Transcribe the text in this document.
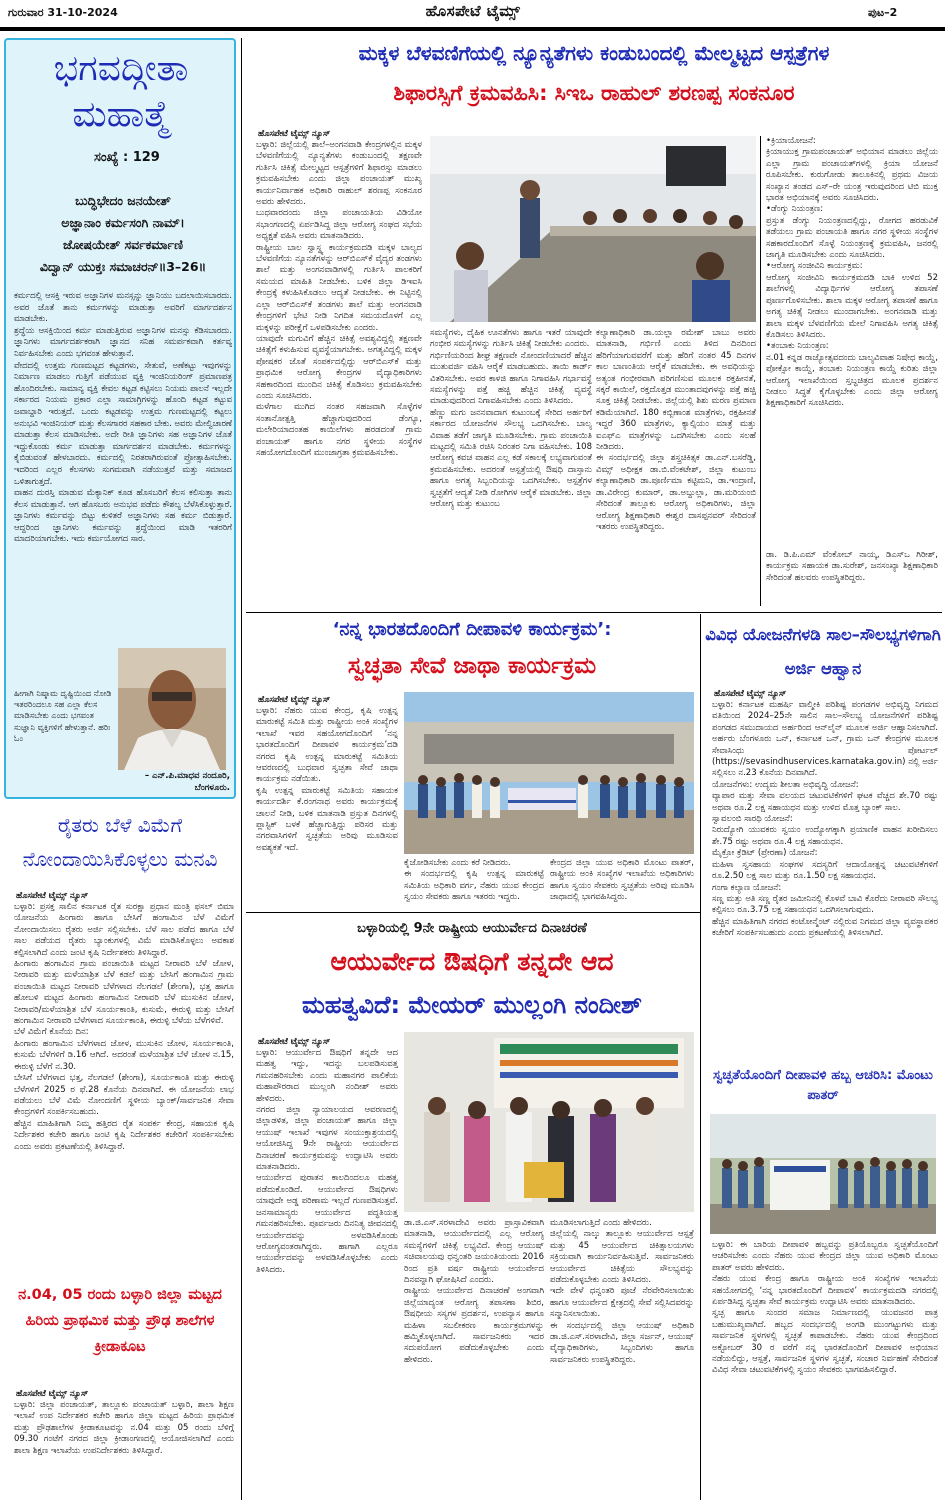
ಗುರುವಾರ 31-10-2024	ಹೊಸಪೇಟೆ ಟೈಮ್ಸ್	ಪುಟ–2
ಭಗವದ್ಗೀತಾ ಮಹಾತ್ಮೆ
ಸಂಖ್ಯೆ : 129
ಬುದ್ಧಿಭೇದಂ ಜನಯೇತ್
ಅಜ್ಞಾನಾಂ ಕರ್ಮಸಂಗಿ ನಾಮ್।
ಜೋಷಯೇತ್ ಸರ್ವಕರ್ಮಾಣಿ
ವಿದ್ವಾನ್ ಯುಕ್ತಃ ಸಮಾಚರನ್॥3–26॥
ಕರ್ಮದಲ್ಲಿ ಆಸಕ್ತಿ ಇರುವ ಅಜ್ಞಾನಿಗಳ ಮನಸ್ಸನ್ನು ಜ್ಞಾನಿಯು ಬದಲಾಯಿಸಬಾರದು. ಅವರ ಜೊತೆ ತಾನು ಕರ್ಮಗಳನ್ನು ಮಾಡುತ್ತಾ ಅವರಿಗೆ ಮಾರ್ಗದರ್ಶನ ಮಾಡಬೇಕು.
ಶ್ರದ್ಧೆಯ ಆಸಕ್ತಿಯಿಂದ ಕರ್ಮ ಮಾಡುತ್ತಿರುವ ಅಜ್ಞಾನಿಗಳ ಮನಸ್ಸು ಕೆಡಿಸಬಾರದು. ಜ್ಞಾನಿಗಳು ಮಾರ್ಗದರ್ಶಕರಾಗಿ ಜ್ಞಾನದ ಸನಿಹ ಸಮರ್ಪಕವಾಗಿ ಕರ್ತವ್ಯ ನಿರ್ವಹಿಸಬೇಕು ಎಂದು ಭಗವಂತ ಹೇಳುತ್ತಾನೆ.
ವೇದದಲ್ಲಿ ಉತ್ತಮ ಗುಣಮಟ್ಟದ ಕಟ್ಟಡಗಳು, ಸೇತುವೆ, ಅಣೆಕಟ್ಟು ಇವುಗಳನ್ನು ನಿರ್ಮಾಣ ಮಾಡಲು ಗುತ್ತಿಗೆ ಪಡೆಯುವ ವ್ಯಕ್ತಿ ಇಂಜಿನಿಯರಿಂಗ್ ಪ್ರಮಾಣಪತ್ರ ಹೊಂದಿರಬೇಕು. ಸಾಮಾನ್ಯ ವ್ಯಕ್ತಿ ಕೇವಲ ಕಟ್ಟಡ ಕಟ್ಟಿಸಲು ನಿಯಮ ಪಾಲನೆ ಇಲ್ಲದೇ ಸರ್ಕಾರದ ನಿಯಮ ಪ್ರಕಾರ ಎಲ್ಲಾ ಸಾಮಾಗ್ರಿಗಳನ್ನು ಹೊಂದಿ ಕಟ್ಟಡ ಕಟ್ಟುವ ಜವಾಬ್ದಾರಿ ಇರುತ್ತದೆ. ಒಂದು ಕಟ್ಟಡವನ್ನು ಉತ್ತಮ ಗುಣಮಟ್ಟದಲ್ಲಿ ಕಟ್ಟಲು ಅನುಭವಿ ಇಂಜಿನಿಯರ್ ಮತ್ತು ಕೆಲಸಗಾರರ ಸಹಕಾರ ಬೇಕು. ಅವರು ಮೇಲ್ವಿಚಾರಣೆ ಮಾಡುತ್ತಾ ಕೆಲಸ ಮಾಡಿಸಬೇಕು. ಅದೇ ರೀತಿ ಜ್ಞಾನಿಗಳು ಸಹ ಅಜ್ಞಾನಿಗಳ ಜೊತೆ ಇದ್ದುಕೊಂಡು ಕರ್ಮ ಮಾಡುತ್ತಾ ಮಾರ್ಗದರ್ಶನ ಮಾಡಬೇಕು. ಕರ್ಮಗಳನ್ನು ಕೈಬಿಡುವಂತೆ ಹೇಳಬಾರದು. ಕರ್ಮದಲ್ಲಿ ನಿರತರಾಗಿರುವಂತೆ ಪ್ರೋತ್ಸಾಹಿಸಬೇಕು. ಇದರಿಂದ ಎಲ್ಲರ ಕೆಲಸಗಳು ಸುಗಮವಾಗಿ ನಡೆಯುತ್ತವೆ ಮತ್ತು ಸಮಾಜದ ಒಳಿತಾಗುತ್ತದೆ.
ವಾಹನ ದುರಸ್ತಿ ಮಾಡುವ ಮೆಕ್ಯಾನಿಕ್ ಕೂಡ ಹೊಸಬರಿಗೆ ಕೆಲಸ ಕಲಿಸುತ್ತಾ ತಾನು ಕೆಲಸ ಮಾಡುತ್ತಾನೆ. ಆಗ ಹೊಸಬರು ಅನುಭವ ಪಡೆದು ಕೌಶಲ್ಯ ಬೆಳೆಸಿಕೊಳ್ಳುತ್ತಾರೆ. ಜ್ಞಾನಿಗಳು ಕರ್ಮವನ್ನು ಬಿಟ್ಟು ಕುಳಿತರೆ ಅಜ್ಞಾನಿಗಳು ಸಹ ಕರ್ಮ ಬಿಡುತ್ತಾರೆ. ಆದ್ದರಿಂದ ಜ್ಞಾನಿಗಳು ಕರ್ಮವನ್ನು ಶ್ರದ್ಧೆಯಿಂದ ಮಾಡಿ ಇತರರಿಗೆ ಮಾದರಿಯಾಗಬೇಕು. ಇದು ಕರ್ಮಯೋಗದ ಸಾರ.
ಹೀಗಾಗಿ ನಿಷ್ಕಾಮ ದೃಷ್ಟಿಯಿಂದ ನೋಡಿ ಇತರರಿಂದಲೂ ಸಹ ಎಲ್ಲಾ ಕೆಲಸ ಮಾಡಿಸಬೇಕು ಎಂದು ಭಗವಂತ ಸುಜ್ಞಾನಿ ವ್ಯಕ್ತಿಗಳಿಗೆ ಹೇಳುತ್ತಾನೆ. ಹರಿಃ ಓಂ
– ಎನ್.ಪಿ.ಮಾಧವ ನಂದೂರಿ,
ಬೆಂಗಳೂರು.
ರೈತರು ಬೆಳೆ ವಿಮೆಗೆ ನೋಂದಾಯಿಸಿಕೊಳ್ಳಲು ಮನವಿ
ಹೊಸಪೇಟೆ ಟೈಮ್ಸ್ ನ್ಯೂಸ್
ಬಳ್ಳಾರಿ: ಪ್ರಸಕ್ತ ಸಾಲಿನ ಕರ್ನಾಟಕ ರೈತ ಸುರಕ್ಷಾ ಪ್ರಧಾನ ಮಂತ್ರಿ ಫಸಲ್ ಬಿಮಾ ಯೋಜನೆಯ ಹಿಂಗಾರು ಹಾಗೂ ಬೇಸಿಗೆ ಹಂಗಾಮಿನ ಬೆಳೆ ವಿಮೆಗೆ ನೋಂದಾಯಿಸಲು ರೈತರು ಅರ್ಜಿ ಸಲ್ಲಿಸಬೇಕು. ಬೆಳೆ ಸಾಲ ಪಡೆದ ಹಾಗೂ ಬೆಳೆ ಸಾಲ ಪಡೆಯದ ರೈತರು ಬ್ಯಾಂಕುಗಳಲ್ಲಿ ವಿಮೆ ಮಾಡಿಸಿಕೊಳ್ಳಲು ಅವಕಾಶ ಕಲ್ಪಿಸಲಾಗಿದೆ ಎಂದು ಜಂಟಿ ಕೃಷಿ ನಿರ್ದೇಶಕರು ತಿಳಿಸಿದ್ದಾರೆ.
ಹಿಂಗಾರು ಹಂಗಾಮಿನ ಗ್ರಾಮ ಪಂಚಾಯಿತಿ ಮಟ್ಟದ ನೀರಾವರಿ ಬೆಳೆ ಜೋಳ, ನೀರಾವರಿ ಮತ್ತು ಮಳೆಯಾಶ್ರಿತ ಬೆಳೆ ಕಡಲೆ ಮತ್ತು ಬೇಸಿಗೆ ಹಂಗಾಮಿನ ಗ್ರಾಮ ಪಂಚಾಯಿತಿ ಮಟ್ಟದ ನೀರಾವರಿ ಬೆಳೆಗಳಾದ ನೆಲಗಡಲೆ (ಶೇಂಗಾ), ಭತ್ತ ಹಾಗೂ ಹೋಬಳಿ ಮಟ್ಟದ ಹಿಂಗಾರು ಹಂಗಾಮಿನ ನೀರಾವರಿ ಬೆಳೆ ಮುಸುಕಿನ ಜೋಳ, ನೀರಾವರಿ/ಮಳೆಯಾಶ್ರಿತ ಬೆಳೆ ಸೂರ್ಯಕಾಂತಿ, ಕುಸುಮೆ, ಈರುಳ್ಳಿ ಮತ್ತು ಬೇಸಿಗೆ ಹಂಗಾಮಿನ ನೀರಾವರಿ ಬೆಳೆಗಳಾದ ಸೂರ್ಯಕಾಂತಿ, ಈರುಳ್ಳಿ ಬೆಳೆಯ ಬೆಳೆಗಳಿವೆ.
ಬೆಳೆ ವಿಮೆಗೆ ಕೊನೆಯ ದಿನ:
ಹಿಂಗಾರು ಹಂಗಾಮಿನ ಬೆಳೆಗಳಾದ ಜೋಳ, ಮುಸುಕಿನ ಜೋಳ, ಸೂರ್ಯಕಾಂತಿ, ಕುಸುಮೆ ಬೆಳೆಗಳಿಗೆ ಡಿ.16 ಆಗಿದೆ. ಅದರಂತೆ ಮಳೆಯಾಶ್ರಿತ ಬೆಳೆ ಜೋಳ ನ.15, ಈರುಳ್ಳಿ ಬೆಳೆಗೆ ನ.30.
ಬೇಸಿಗೆ ಬೆಳೆಗಳಾದ ಭತ್ತ, ನೆಲಗಡಲೆ (ಶೇಂಗಾ), ಸೂರ್ಯಕಾಂತಿ ಮತ್ತು ಈರುಳ್ಳಿ ಬೆಳೆಗಳಿಗೆ 2025 ರ ಫೆ.28 ಕೊನೆಯ ದಿನವಾಗಿದೆ. ಈ ಯೋಜನೆಯ ಲಾಭ ಪಡೆಯಲು ಬೆಳೆ ವಿಮೆ ನೋಂದಣಿಗೆ ಸ್ಥಳೀಯ ಬ್ಯಾಂಕ್/ಸಾರ್ವಜನಿಕ ಸೇವಾ ಕೇಂದ್ರಗಳಿಗೆ ಸಂಪರ್ಕಿಸಬಹುದು.
ಹೆಚ್ಚಿನ ಮಾಹಿತಿಗಾಗಿ ನಿಮ್ಮ ಹತ್ತಿರದ ರೈತ ಸಂಪರ್ಕ ಕೇಂದ್ರ, ಸಹಾಯಕ ಕೃಷಿ ನಿರ್ದೇಶಕರ ಕಚೇರಿ ಹಾಗೂ ಜಂಟಿ ಕೃಷಿ ನಿರ್ದೇಶಕರ ಕಚೇರಿಗೆ ಸಂಪರ್ಕಿಸಬೇಕು ಎಂದು ಅವರು ಪ್ರಕಟಣೆಯಲ್ಲಿ ತಿಳಿಸಿದ್ದಾರೆ.
ನ.04, 05 ರಂದು ಬಳ್ಳಾರಿ ಜಿಲ್ಲಾ ಮಟ್ಟದ ಹಿರಿಯ ಪ್ರಾಥಮಿಕ ಮತ್ತು ಪ್ರೌಢ ಶಾಲೆಗಳ ಕ್ರೀಡಾಕೂಟ
ಹೊಸಪೇಟೆ ಟೈಮ್ಸ್ ನ್ಯೂಸ್
ಬಳ್ಳಾರಿ: ಜಿಲ್ಲಾ ಪಂಚಾಯತ್, ತಾಲ್ಲೂಕು ಪಂಚಾಯತ್ ಬಳ್ಳಾರಿ, ಶಾಲಾ ಶಿಕ್ಷಣ ಇಲಾಖೆ ಉಪ ನಿರ್ದೇಶಕರ ಕಚೇರಿ ಹಾಗೂ ಜಿಲ್ಲಾ ಮಟ್ಟದ ಹಿರಿಯ ಪ್ರಾಥಮಿಕ ಮತ್ತು ಪ್ರೌಢಶಾಲೆಗಳ ಕ್ರೀಡಾಕೂಟವನ್ನು ನ.04 ಮತ್ತು 05 ರಂದು ಬೆಳಿಗ್ಗೆ 09.30 ಗಂಟೆಗೆ ನಗರದ ಜಿಲ್ಲಾ ಕ್ರೀಡಾಂಗಣದಲ್ಲಿ ಆಯೋಜಿಸಲಾಗಿದೆ ಎಂದು ಶಾಲಾ ಶಿಕ್ಷಣ ಇಲಾಖೆಯ ಉಪನಿರ್ದೇಶಕರು ತಿಳಿಸಿದ್ದಾರೆ.
ಮಕ್ಕಳ ಬೆಳವಣಿಗೆಯಲ್ಲಿ ನ್ಯೂನ್ಯತೆಗಳು ಕಂಡುಬಂದಲ್ಲಿ ಮೇಲ್ಮಟ್ಟದ ಆಸ್ಪತ್ರೆಗಳ
ಶಿಫಾರಸ್ಸಿಗೆ ಕ್ರಮವಹಿಸಿ: ಸಿಇಒ ರಾಹುಲ್ ಶರಣಪ್ಪ ಸಂಕನೂರ
ಹೊಸಪೇಟೆ ಟೈಮ್ಸ್ ನ್ಯೂಸ್
ಬಳ್ಳಾರಿ: ಜಿಲ್ಲೆಯಲ್ಲಿ ಶಾಲೆ–ಅಂಗನವಾಡಿ ಕೇಂದ್ರಗಳಲ್ಲಿನ ಮಕ್ಕಳ ಬೆಳವಣಿಗೆಯಲ್ಲಿ ನ್ಯೂನ್ಯತೆಗಳು ಕಂಡುಬಂದಲ್ಲಿ ತಕ್ಷಣವೇ ಗುರ್ತಿಸಿ ಚಿಕಿತ್ಸೆ ಮೇಲ್ಮಟ್ಟದ ಆಸ್ಪತ್ರೆಗಳಿಗೆ ಶಿಫಾರಸ್ಸು ಮಾಡಲು ಕ್ರಮವಹಿಸಬೇಕು ಎಂದು ಜಿಲ್ಲಾ ಪಂಚಾಯತ್ ಮುಖ್ಯ ಕಾರ್ಯನಿರ್ವಾಹಕ ಅಧಿಕಾರಿ ರಾಹುಲ್ ಶರಣಪ್ಪ ಸಂಕನೂರ ಅವರು ಹೇಳಿದರು.
ಬುಧವಾರದಂದು ಜಿಲ್ಲಾ ಪಂಚಾಯತಿಯ ವಿಡಿಯೋ ಸಭಾಂಗಣದಲ್ಲಿ ಏರ್ಪಡಿಸಿದ್ದ ಜಿಲ್ಲಾ ಆರೋಗ್ಯ ಸಂಘದ ಸಭೆಯ ಅಧ್ಯಕ್ಷತೆ ವಹಿಸಿ ಅವರು ಮಾತನಾಡಿದರು.
ರಾಷ್ಟ್ರೀಯ ಬಾಲ ಸ್ವಾಸ್ಥ್ಯ ಕಾರ್ಯಕ್ರಮದಡಿ ಮಕ್ಕಳ ಬಾಲ್ಯದ ಬೆಳವಣಿಗೆಯ ನ್ಯೂನತೆಗಳನ್ನು ಆರ್‌ಬಿಎಸ್‌ಕೆ ವೈದ್ಯರ ತಂಡಗಳು ಶಾಲೆ ಮತ್ತು ಅಂಗನವಾಡಿಗಳಲ್ಲಿ ಗುರ್ತಿಸಿ ಪಾಲಕರಿಗೆ ಸಮಯದ ಮಾಹಿತಿ ನೀಡಬೇಕು. ಬಳಿಕ ಜಿಲ್ಲಾ ಡಿಇಐಸಿ ಕೇಂದ್ರಕ್ಕೆ ಕಳುಹಿಸಿಕೊಡಲು ಆದ್ಯತೆ ನೀಡಬೇಕು. ಈ ನಿಟ್ಟಿನಲ್ಲಿ ಎಲ್ಲಾ ಆರ್‌ಬಿಎಸ್‌ಕೆ ತಂಡಗಳು ಶಾಲೆ ಮತ್ತು ಅಂಗನವಾಡಿ ಕೇಂದ್ರಗಳಿಗೆ ಭೇಟಿ ನೀಡಿ ನಿಗದಿತ ಸಮಯದೊಳಗೆ ಎಲ್ಲ ಮಕ್ಕಳನ್ನು ಪರೀಕ್ಷೆಗೆ ಒಳಪಡಿಸಬೇಕು ಎಂದರು.
ಯಾವುದೇ ಮಗುವಿಗೆ ಹೆಚ್ಚಿನ ಚಿಕಿತ್ಸೆ ಅವಶ್ಯವಿದ್ದಲ್ಲಿ ತಕ್ಷಣವೇ ಚಿಕಿತ್ಸೆಗೆ ಕಳುಹಿಸುವ ವ್ಯವಸ್ಥೆಯಾಗಬೇಕು. ಅಗತ್ಯವಿದ್ದಲ್ಲಿ ಮಕ್ಕಳ ಪೋಷಕರ ಜೊತೆ ಸಂಪರ್ಕದಲ್ಲಿದ್ದು ಆರ್‌ಬಿಎಸ್‌ಕೆ ಮತ್ತು ಪ್ರಾಥಮಿಕ ಆರೋಗ್ಯ ಕೇಂದ್ರಗಳ ವೈದ್ಯಾಧಿಕಾರಿಗಳು ಸಹಕಾರದಿಂದ ಮುಂದಿನ ಚಿಕಿತ್ಸೆ ಕೊಡಿಸಲು ಕ್ರಮವಹಿಸಬೇಕು ಎಂದು ಸೂಚಿಸಿದರು.
ಮಳೆಗಾಲ ಮುಗಿದ ನಂತರ ಸಹಜವಾಗಿ ಸೊಳ್ಳೆಗಳ ಸಂತಾನೋತ್ಪತ್ತಿ ಹೆಚ್ಚಾಗುವುದರಿಂದ ಡೆಂಗ್ಯೂ, ಮಲೇರಿಯಾದಂತಹ ಕಾಯಿಲೆಗಳು ಹರಡದಂತೆ ಗ್ರಾಮ ಪಂಚಾಯತ್ ಹಾಗೂ ನಗರ ಸ್ಥಳೀಯ ಸಂಸ್ಥೆಗಳ ಸಹಯೋಗದೊಂದಿಗೆ ಮುಂಜಾಗ್ರತಾ ಕ್ರಮವಹಿಸಬೇಕು.
ಸಮಸ್ಯೆಗಳು, ದೈಹಿಕ ಊನತೆಗಳು ಹಾಗೂ ಇತರೆ ಯಾವುದೇ ಗಂಭೀರ ಸಮಸ್ಯೆಗಳನ್ನು ಗುರ್ತಿಸಿ ಚಿಕಿತ್ಸೆ ನೀಡಬೇಕು ಎಂದರು.
ಗರ್ಭಿಣಿಯರಿಂದ ಶೀಘ್ರ ತಕ್ಷಣವೇ ನೋಂದಣಿಯಾದರೆ ಹೆಚ್ಚಿನ ಮುತುವರ್ಜಿ ವಹಿಸಿ ಆರೈಕೆ ಮಾಡಬಹುದು. ತಾಯಿ ಕಾರ್ಡ್ ವಿತರಿಸಬೇಕು. ಅವರ ಕಾಳಜಿ ಹಾಗೂ ನಿಗಾವಹಿಸಿ ಗರ್ಭಾವಸ್ಥೆ ಸಮಸ್ಯೆಗಳನ್ನು ಪತ್ತೆ ಹಚ್ಚಿ ಹೆಚ್ಚಿನ ಚಿಕಿತ್ಸೆ ವ್ಯವಸ್ಥೆ ಮಾಡುವುದರಿಂದ ನಿಗಾವಹಿಸಬೇಕು ಎಂದು ತಿಳಿಸಿದರು.
ಹೆಣ್ಣು ಮಗು ಜನನವಾದಾಗ ಕುಟುಂಬಕ್ಕೆ ಸೇರಿದ ಅರ್ಹರಿಗೆ ಸರ್ಕಾರದ ಯೋಜನೆಗಳ ಸೌಲಭ್ಯ ಒದಗಿಸಬೇಕು. ಬಾಲ್ಯ ವಿವಾಹ ತಡೆಗೆ ಜಾಗೃತಿ ಮೂಡಿಸಬೇಕು. ಗ್ರಾಮ ಪಂಚಾಯಿತಿ ಮಟ್ಟದಲ್ಲಿ ಸಮಿತಿ ರಚಿಸಿ ನಿರಂತರ ನಿಗಾ ವಹಿಸಬೇಕು. 108 ಆರೋಗ್ಯ ಕವಚ ವಾಹನ ಎಲ್ಲ ಕಡೆ ಸಕಾಲಕ್ಕೆ ಲಭ್ಯವಾಗುವಂತೆ ಕ್ರಮವಹಿಸಬೇಕು. ಅದರಂತೆ ಆಸ್ಪತ್ರೆಯಲ್ಲಿ ಔಷಧಿ ದಾಸ್ತಾನು ಹಾಗೂ ಅಗತ್ಯ ಸಿಬ್ಬಂದಿಯನ್ನು ಒದಗಿಸಬೇಕು. ಆಸ್ಪತ್ರೆಗಳ ಸ್ವಚ್ಛತೆಗೆ ಆದ್ಯತೆ ನೀಡಿ ರೋಗಿಗಳ ಆರೈಕೆ ಮಾಡಬೇಕು. ಜಿಲ್ಲಾ ಆರೋಗ್ಯ ಮತ್ತು ಕುಟುಂಬ
ಕಲ್ಯಾಣಾಧಿಕಾರಿ ಡಾ.ಯಲ್ಲಾ ರಮೇಶ್ ಬಾಬು ಅವರು ಮಾತನಾಡಿ, ಗರ್ಭಿಣಿ ಎಂದು ತಿಳಿದ ದಿನದಿಂದ ಹೆರಿಗೆಯಾಗುವವರೆಗೆ ಮತ್ತು ಹೆರಿಗೆ ನಂತರ 45 ದಿನಗಳ ಕಾಲ ಬಾಣಂತಿಯ ಆರೈಕೆ ಮಾಡಬೇಕು. ಈ ಅವಧಿಯನ್ನು ಅತ್ಯಂತ ಗಂಭೀರವಾಗಿ ಪರಿಗಣಿಸುವ ಮೂಲಕ ರಕ್ತಹೀನತೆ, ಸಕ್ಕರೆ ಕಾಯಿಲೆ, ರಕ್ತದೊತ್ತಡ ಮುಂತಾದವುಗಳನ್ನು ಪತ್ತೆ ಹಚ್ಚಿ ಸೂಕ್ತ ಚಿಕಿತ್ಸೆ ನೀಡಬೇಕು. ಜಿಲ್ಲೆಯಲ್ಲಿ ಶಿಶು ಮರಣ ಪ್ರಮಾಣ ಕಡಿಮೆಯಾಗಿದೆ. 180 ಕಬ್ಬಿಣಾಂಶ ಮಾತ್ರೆಗಳು, ರಕ್ತಹೀನತೆ ಇದ್ದರೆ 360 ಮಾತ್ರೆಗಳು, ಕ್ಯಾಲ್ಸಿಯಂ ಮಾತ್ರೆ ಮತ್ತು ಐಎಫ್ಎ ಮಾತ್ರೆಗಳನ್ನು ಒದಗಿಸಬೇಕು ಎಂದು ಸಲಹೆ ನೀಡಿದರು.
ಈ ಸಂದರ್ಭದಲ್ಲಿ ಜಿಲ್ಲಾ ಶಸ್ತ್ರಚಿಕಿತ್ಸಕ ಡಾ.ಎನ್.ಬಸರೆಡ್ಡಿ, ವಿಮ್ಸ್ ಅಧೀಕ್ಷಕ ಡಾ.ಬಿ.ವೆಂಕಟೇಶ್, ಜಿಲ್ಲಾ ಕುಟುಂಬ ಕಲ್ಯಾಣಾಧಿಕಾರಿ ಡಾ.ಪೂರ್ಣಿಮಾ ಕಟ್ಟಿಮನಿ, ಡಾ.ಇಂದ್ರಾಣಿ, ಡಾ.ವಿರೇಂದ್ರ ಕುಮಾರ್, ಡಾ.ಅಬ್ದುಲ್ಲಾ, ಡಾ.ಮರಿಯಂಬಿ ಸೇರಿದಂತೆ ತಾಲ್ಲೂಕು ಆರೋಗ್ಯ ಅಧಿಕಾರಿಗಳು, ಜಿಲ್ಲಾ ಆರೋಗ್ಯ ಶಿಕ್ಷಣಾಧಿಕಾರಿ ಈಶ್ವರ ದಾಸಪ್ಪನವರ್ ಸೇರಿದಂತೆ ಇತರರು ಉಪಸ್ಥಿತರಿದ್ದರು.
•ಕ್ರಿಯಾಯೋಜನೆ:
ಕ್ರಿಯಾಯುಕ್ತ ಗ್ರಾಮಪಂಚಾಯತ್ ಅಭಿಯಾನ ಮಾಡಲು ಜಿಲ್ಲೆಯ ಎಲ್ಲಾ ಗ್ರಾಮ ಪಂಚಾಯತ್‌ಗಳಲ್ಲಿ ಕ್ರಿಯಾ ಯೋಜನೆ ರೂಪಿಸಬೇಕು. ಕುರುಗೋಡು ತಾಲೂಕಿನಲ್ಲಿ ಪ್ರಥಮ ವಿಜಯ ಸಂಖ್ಯಾನ ತಂಡದ ಎಸ್‌–ರೇ ಯಂತ್ರ ಇರುವುದರಿಂದ ಟಿಬಿ ಮುಕ್ತ ಭಾರತ ಅಭಿಯಾನಕ್ಕೆ ಅವರು ಸೂಚಿಸಿದರು.
•ಡೆಂಗ್ಯು ನಿಯಂತ್ರಣ:
ಪ್ರಸ್ತುತ ಡೆಂಗ್ಯು ನಿಯಂತ್ರಣದಲ್ಲಿದ್ದು, ರೋಗದ ಹರಡುವಿಕೆ ತಡೆಯಲು ಗ್ರಾಮ ಪಂಚಾಯತಿ ಹಾಗೂ ನಗರ ಸ್ಥಳೀಯ ಸಂಸ್ಥೆಗಳ ಸಹಕಾರದೊಂದಿಗೆ ಸೊಳ್ಳೆ ನಿಯಂತ್ರಣಕ್ಕೆ ಕ್ರಮವಹಿಸಿ, ಜನರಲ್ಲಿ ಜಾಗೃತಿ ಮೂಡಿಸಬೇಕು ಎಂದು ಸೂಚಿಸಿದರು.
•ಆರೋಗ್ಯ ಸಂಜೀವಿನಿ ಕಾರ್ಯಕ್ರಮ:
ಆರೋಗ್ಯ ಸಂಜೀವಿನಿ ಕಾರ್ಯಕ್ರಮದಡಿ ಬಾಕಿ ಉಳಿದ 52 ಶಾಲೆಗಳಲ್ಲಿ ವಿದ್ಯಾರ್ಥಿಗಳ ಆರೋಗ್ಯ ತಪಾಸಣೆ ಪೂರ್ಣಗೊಳಿಸಬೇಕು. ಶಾಲಾ ಮಕ್ಕಳ ಆರೋಗ್ಯ ತಪಾಸಣೆ ಹಾಗೂ ಅಗತ್ಯ ಚಿಕಿತ್ಸೆ ನೀಡಲು ಮುಂದಾಗಬೇಕು. ಅಂಗನವಾಡಿ ಮತ್ತು ಶಾಲಾ ಮಕ್ಕಳ ಬೆಳವಣಿಗೆಯ ಮೇಲೆ ನಿಗಾವಹಿಸಿ ಅಗತ್ಯ ಚಿಕಿತ್ಸೆ ಕೊಡಿಸಲು ತಿಳಿಸಿದರು.
•ತಂಬಾಕು ನಿಯಂತ್ರಣ:
ನ.01 ಕನ್ನಡ ರಾಜ್ಯೋತ್ಸವದಂದು ಬಾಲ್ಯವಿವಾಹ ನಿಷೇಧ ಕಾಯ್ದೆ, ಪೋಕ್ಸೋ ಕಾಯ್ದೆ, ತಂಬಾಕು ನಿಯಂತ್ರಣ ಕಾಯ್ದೆ ಕುರಿತು ಜಿಲ್ಲಾ ಆರೋಗ್ಯ ಇಲಾಖೆಯಿಂದ ಸ್ತಬ್ಧಚಿತ್ರದ ಮೂಲಕ ಪ್ರದರ್ಶನ ನೀಡಲು ಸಿದ್ಧತೆ ಕೈಗೊಳ್ಳಬೇಕು ಎಂದು ಜಿಲ್ಲಾ ಆರೋಗ್ಯ ಶಿಕ್ಷಣಾಧಿಕಾರಿಗೆ ಸೂಚಿಸಿದರು.
ಡಾ. ಡಿ.ಪಿ.ಎಮ್ ವೆಂಕೋಬ್ ನಾಯ್ಕ, ಡಿಎಸ್ಒ ಗಿರೀಶ್, ಕಾರ್ಯಕ್ರಮ ಸಹಾಯಕ ಡಾ.ಸುರೇಶ್, ಜನಸಂಖ್ಯಾ ಶಿಕ್ಷಣಾಧಿಕಾರಿ ಸೇರಿದಂತೆ ಹಲವರು ಉಪಸ್ಥಿತರಿದ್ದರು.
‘ನನ್ನ ಭಾರತದೊಂದಿಗೆ ದೀಪಾವಳಿ ಕಾರ್ಯಕ್ರಮ’:
ಸ್ವಚ್ಛತಾ ಸೇವೆ ಜಾಥಾ ಕಾರ್ಯಕ್ರಮ
ಹೊಸಪೇಟೆ ಟೈಮ್ಸ್ ನ್ಯೂಸ್
ಬಳ್ಳಾರಿ: ನೆಹರು ಯುವ ಕೇಂದ್ರ, ಕೃಷಿ ಉತ್ಪನ್ನ ಮಾರುಕಟ್ಟೆ ಸಮಿತಿ ಮತ್ತು ರಾಷ್ಟ್ರೀಯ ಅಂಕಿ ಸಂಖ್ಯೆಗಳ ಇಲಾಖೆ ಇವರ ಸಹಯೋಗದೊಂದಿಗೆ ‘ನನ್ನ ಭಾರತದೊಂದಿಗೆ ದೀಪಾವಳಿ ಕಾರ್ಯಕ್ರಮ’ದಡಿ ನಗರದ ಕೃಷಿ ಉತ್ಪನ್ನ ಮಾರುಕಟ್ಟೆ ಸಮಿತಿಯ ಆವರಣದಲ್ಲಿ ಬುಧವಾರ ಸ್ವಚ್ಛತಾ ಸೇವೆ ಜಾಥಾ ಕಾರ್ಯಕ್ರಮ ನಡೆಯಿತು.
ಕೃಷಿ ಉತ್ಪನ್ನ ಮಾರುಕಟ್ಟೆ ಸಮಿತಿಯ ಸಹಾಯಕ ಕಾರ್ಯದರ್ಶಿ ಕೆ.ರಂಗನಾಥ ಅವರು ಕಾರ್ಯಕ್ರಮಕ್ಕೆ ಚಾಲನೆ ನೀಡಿ, ಬಳಿಕ ಮಾತನಾಡಿ ಪ್ರಸ್ತುತ ದಿನಗಳಲ್ಲಿ ಪ್ಲಾಸ್ಟಿಕ್ ಬಳಕೆ ಹೆಚ್ಚಾಗುತ್ತಿದ್ದು ಪರಿಸರ ಮತ್ತು ನಗರವಾಸಿಗಳಿಗೆ ಸ್ವಚ್ಛತೆಯ ಅರಿವು ಮೂಡಿಸುವ ಅವಶ್ಯಕತೆ ಇದೆ.
ಕೈಜೋಡಿಸಬೇಕು ಎಂದು ಕರೆ ನೀಡಿದರು.
ಈ ಸಂದರ್ಭದಲ್ಲಿ ಕೃಷಿ ಉತ್ಪನ್ನ ಮಾರುಕಟ್ಟೆ ಸಮಿತಿಯ ಅಧಿಕಾರಿ ವರ್ಗ, ನೆಹರು ಯುವ ಕೇಂದ್ರದ ಸ್ವಯಂ ಸೇವಕರು ಹಾಗೂ ಇತರರು ಇದ್ದರು.
ಕೇಂದ್ರದ ಜಿಲ್ಲಾ ಯುವ ಅಧಿಕಾರಿ ಮೊಂಟು ಪಾತರ್, ರಾಷ್ಟ್ರೀಯ ಅಂಕಿ ಸಂಖ್ಯೆಗಳ ಇಲಾಖೆಯ ಅಧಿಕಾರಿಗಳು ಹಾಗೂ ಸ್ವಯಂ ಸೇವಕರು ಸ್ವಚ್ಛತೆಯ ಅರಿವು ಮೂಡಿಸಿ ಜಾಥಾದಲ್ಲಿ ಭಾಗವಹಿಸಿದ್ದರು.
ವಿವಿಧ ಯೋಜನೆಗಳಡಿ ಸಾಲ–ಸೌಲಭ್ಯಗಳಿಗಾಗಿ ಅರ್ಜಿ ಆಹ್ವಾನ
ಹೊಸಪೇಟೆ ಟೈಮ್ಸ್ ನ್ಯೂಸ್
ಬಳ್ಳಾರಿ: ಕರ್ನಾಟಕ ಮಹರ್ಷಿ ವಾಲ್ಮೀಕಿ ಪರಿಶಿಷ್ಟ ಪಂಗಡಗಳ ಅಭಿವೃದ್ಧಿ ನಿಗಮದ ವತಿಯಿಂದ 2024–25ನೇ ಸಾಲಿನ ಸಾಲ–ಸೌಲಭ್ಯ ಯೋಜನೆಗಳಿಗೆ ಪರಿಶಿಷ್ಟ ಪಂಗಡದ ಸಮುದಾಯದ ಅರ್ಹರಿಂದ ಆನ್‌ಲೈನ್ ಮೂಲಕ ಅರ್ಜಿ ಆಹ್ವಾನಿಸಲಾಗಿದೆ. ಅರ್ಹರು ಬೆಂಗಳೂರು ಒನ್, ಕರ್ನಾಟಕ ಒನ್, ಗ್ರಾಮ ಒನ್ ಕೇಂದ್ರಗಳ ಮೂಲಕ ಸೇವಾಸಿಂಧು ಪೋರ್ಟಲ್ (https://sevasindhuservices.karnataka.gov.in) ನಲ್ಲಿ ಅರ್ಜಿ ಸಲ್ಲಿಸಲು ನ.23 ಕೊನೆಯ ದಿನವಾಗಿದೆ.
ಯೋಜನೆಗಳು: ಉದ್ಯಮ ಶೀಲತಾ ಅಭಿವೃದ್ಧಿ ಯೋಜನೆ:
ವ್ಯಾಪಾರ ಮತ್ತು ಸೇವಾ ವಲಯದ ಚಟುವಟಿಕೆಗಳಿಗೆ ಘಟಕ ವೆಚ್ಚದ ಶೇ.70 ರಷ್ಟು ಅಥವಾ ರೂ.2 ಲಕ್ಷ ಸಹಾಯಧನ ಮತ್ತು ಉಳಿದ ಮೊತ್ತ ಬ್ಯಾಂಕ್ ಸಾಲ.
ಸ್ವಾವಲಂಬಿ ಸಾರಥಿ ಯೋಜನೆ:
ನಿರುದ್ಯೋಗಿ ಯುವಕರು ಸ್ವಯಂ ಉದ್ಯೋಗಕ್ಕಾಗಿ ಪ್ರಯಾಣಿಕ ವಾಹನ ಖರೀದಿಸಲು ಶೇ.75 ರಷ್ಟು ಅಥವಾ ರೂ.4 ಲಕ್ಷ ಸಹಾಯಧನ.
ಮೈಕ್ರೋ ಕ್ರೆಡಿಟ್ (ಪ್ರೇರಣಾ) ಯೋಜನೆ:
ಮಹಿಳಾ ಸ್ವಸಹಾಯ ಸಂಘಗಳ ಸದಸ್ಯರಿಗೆ ಆದಾಯೋತ್ಪನ್ನ ಚಟುವಟಿಕೆಗಳಿಗೆ ರೂ.2.50 ಲಕ್ಷ ಸಾಲ ಮತ್ತು ರೂ.1.50 ಲಕ್ಷ ಸಹಾಯಧನ.
ಗಂಗಾ ಕಲ್ಯಾಣ ಯೋಜನೆ:
ಸಣ್ಣ ಮತ್ತು ಅತಿ ಸಣ್ಣ ರೈತರ ಜಮೀನಿನಲ್ಲಿ ಕೊಳವೆ ಬಾವಿ ಕೊರೆದು ನೀರಾವರಿ ಸೌಲಭ್ಯ ಕಲ್ಪಿಸಲು ರೂ.3.75 ಲಕ್ಷ ಸಹಾಯಧನ ಒದಗಿಸಲಾಗುವುದು.
ಹೆಚ್ಚಿನ ಮಾಹಿತಿಗಾಗಿ ನಗರದ ಕಂಟೋನ್ಮೆಂಟ್ ನಲ್ಲಿರುವ ನಿಗಮದ ಜಿಲ್ಲಾ ವ್ಯವಸ್ಥಾಪಕರ ಕಚೇರಿಗೆ ಸಂಪರ್ಕಿಸಬಹುದು ಎಂದು ಪ್ರಕಟಣೆಯಲ್ಲಿ ತಿಳಿಸಲಾಗಿದೆ.
ಸ್ವಚ್ಛತೆಯೊಂದಿಗೆ ದೀಪಾವಳಿ ಹಬ್ಬ ಆಚರಿಸಿ: ಮೊಂಟು ಪಾತರ್
ಬಳ್ಳಾರಿ: ಈ ಬಾರಿಯ ದೀಪಾವಳಿ ಹಬ್ಬವನ್ನು ಪ್ರತಿಯೊಬ್ಬರೂ ಸ್ವಚ್ಛತೆಯೊಂದಿಗೆ ಆಚರಿಸಬೇಕು ಎಂದು ನೆಹರು ಯುವ ಕೇಂದ್ರದ ಜಿಲ್ಲಾ ಯುವ ಅಧಿಕಾರಿ ಮೊಂಟು ಪಾತರ್ ಅವರು ಹೇಳಿದರು.
ನೆಹರು ಯುವ ಕೇಂದ್ರ ಹಾಗೂ ರಾಷ್ಟ್ರೀಯ ಅಂಕಿ ಸಂಖ್ಯೆಗಳ ಇಲಾಖೆಯ ಸಹಯೋಗದಲ್ಲಿ ‘ನನ್ನ ಭಾರತದೊಂದಿಗೆ ದೀಪಾವಳಿ’ ಕಾರ್ಯಕ್ರಮದಡಿ ನಗರದಲ್ಲಿ ಏರ್ಪಡಿಸಿದ್ದ ಸ್ವಚ್ಛತಾ ಸೇವೆ ಕಾರ್ಯಕ್ರಮ ಉದ್ಘಾಟಿಸಿ ಅವರು ಮಾತನಾಡಿದರು.
ಸ್ವಚ್ಛ ಹಾಗೂ ಸುಂದರ ಸಮಾಜ ನಿರ್ಮಾಣದಲ್ಲಿ ಯುವಜನರ ಪಾತ್ರ ಬಹುಮುಖ್ಯವಾಗಿದೆ. ಹಬ್ಬದ ಸಂದರ್ಭದಲ್ಲಿ ಅಂಗಡಿ ಮುಂಗಟ್ಟುಗಳು ಮತ್ತು ಸಾರ್ವಜನಿಕ ಸ್ಥಳಗಳಲ್ಲಿ ಸ್ವಚ್ಛತೆ ಕಾಪಾಡಬೇಕು. ನೆಹರು ಯುವ ಕೇಂದ್ರದಿಂದ ಅಕ್ಟೋಬರ್ 30 ರ ವರೆಗೆ ನನ್ನ ಭಾರತದೊಂದಿಗೆ ದೀಪಾವಳಿ ಅಭಿಯಾನ ನಡೆಯಲಿದ್ದು, ಆಸ್ಪತ್ರೆ, ಸಾರ್ವಜನಿಕ ಸ್ಥಳಗಳ ಸ್ವಚ್ಛತೆ, ಸಂಚಾರ ನಿರ್ವಹಣೆ ಸೇರಿದಂತೆ ವಿವಿಧ ಸೇವಾ ಚಟುವಟಿಕೆಗಳಲ್ಲಿ ಸ್ವಯಂ ಸೇವಕರು ಭಾಗವಹಿಸಲಿದ್ದಾರೆ.
ಬಳ್ಳಾರಿಯಲ್ಲಿ 9ನೇ ರಾಷ್ಟ್ರೀಯ ಆಯುರ್ವೇದ ದಿನಾಚರಣೆ
ಆಯುರ್ವೇದ ಔಷಧಿಗೆ ತನ್ನದೇ ಆದ
ಮಹತ್ವವಿದೆ: ಮೇಯರ್ ಮುಲ್ಲಂಗಿ ನಂದೀಶ್
ಹೊಸಪೇಟೆ ಟೈಮ್ಸ್ ನ್ಯೂಸ್
ಬಳ್ಳಾರಿ: ಆಯುರ್ವೇದ ಔಷಧಿಗೆ ತನ್ನದೇ ಆದ ಮಹತ್ವ ಇದ್ದು, ಇದನ್ನು ಬಲಪಡಿಸುವತ್ತ ಗಮನಹರಿಸಬೇಕು ಎಂದು ಮಹಾನಗರ ಪಾಲಿಕೆಯ ಮಹಾಪೌರರಾದ ಮುಲ್ಲಂಗಿ ನಂದೀಶ್ ಅವರು ಹೇಳಿದರು.
ನಗರದ ಜಿಲ್ಲಾ ನ್ಯಾಯಾಲಯದ ಆವರಣದಲ್ಲಿ ಜಿಲ್ಲಾಡಳಿತ, ಜಿಲ್ಲಾ ಪಂಚಾಯತ್ ಹಾಗೂ ಜಿಲ್ಲಾ ಆಯುಷ್ ಇಲಾಖೆ ಇವುಗಳ ಸಂಯುಕ್ತಾಶ್ರಯದಲ್ಲಿ ಆಯೋಜಿಸಿದ್ದ 9ನೇ ರಾಷ್ಟ್ರೀಯ ಆಯುರ್ವೇದ ದಿನಾಚರಣೆ ಕಾರ್ಯಕ್ರಮವನ್ನು ಉದ್ಘಾಟಿಸಿ ಅವರು ಮಾತನಾಡಿದರು.
ಆಯುರ್ವೇದ ಪುರಾತನ ಕಾಲದಿಂದಲೂ ಮಹತ್ವ ಪಡೆದುಕೊಂಡಿದೆ. ಆಯುರ್ವೇದ ಔಷಧಿಗಳು ಯಾವುದೇ ಅಡ್ಡ ಪರಿಣಾಮ ಇಲ್ಲದೆ ಗುಣಪಡಿಸುತ್ತವೆ. ಜನಸಾಮಾನ್ಯರು ಆಯುರ್ವೇದ ಪದ್ಧತಿಯತ್ತ ಗಮನಹರಿಸಬೇಕು. ಪೂರ್ವಜರು ದಿನನಿತ್ಯ ಜೀವನದಲ್ಲಿ ಆಯುರ್ವೇದವನ್ನು ಅಳವಡಿಸಿಕೊಂಡು ಆರೋಗ್ಯವಂತರಾಗಿದ್ದರು. ಹಾಗಾಗಿ ಎಲ್ಲರೂ ಆಯುರ್ವೇದವನ್ನು ಅಳವಡಿಸಿಕೊಳ್ಳಬೇಕು ಎಂದು ತಿಳಿಸಿದರು.
ಡಾ.ಜಿ.ಎಸ್.ಸರಳಾದೇವಿ ಅವರು ಪ್ರಾಸ್ತಾವಿಕವಾಗಿ ಮಾತನಾಡಿ, ಆಯುರ್ವೇದದಲ್ಲಿ ಎಲ್ಲ ಆರೋಗ್ಯ ಸಮಸ್ಯೆಗಳಿಗೆ ಚಿಕಿತ್ಸೆ ಲಭ್ಯವಿದೆ. ಕೇಂದ್ರ ಆಯುಷ್ ಸಚಿವಾಲಯವು ಧನ್ವಂತರಿ ಜಯಂತಿಯಂದು 2016 ರಿಂದ ಪ್ರತಿ ವರ್ಷ ರಾಷ್ಟ್ರೀಯ ಆಯುರ್ವೇದ ದಿನವನ್ನಾಗಿ ಘೋಷಿಸಿದೆ ಎಂದರು.
ರಾಷ್ಟ್ರೀಯ ಆಯುರ್ವೇದ ದಿನಾಚರಣೆ ಅಂಗವಾಗಿ ಜಿಲ್ಲೆಯಾದ್ಯಂತ ಆರೋಗ್ಯ ತಪಾಸಣಾ ಶಿಬಿರ, ಔಷಧೀಯ ಸಸ್ಯಗಳ ಪ್ರದರ್ಶನ, ಉಪನ್ಯಾಸ ಹಾಗೂ ಮಹಿಳಾ ಸಬಲೀಕರಣ ಕಾರ್ಯಕ್ರಮಗಳನ್ನು ಹಮ್ಮಿಕೊಳ್ಳಲಾಗಿದೆ. ಸಾರ್ವಜನಿಕರು ಇದರ ಸದುಪಯೋಗ ಪಡೆದುಕೊಳ್ಳಬೇಕು ಎಂದು ಹೇಳಿದರು.
ಮೂಡಿಸಲಾಗುತ್ತಿದೆ ಎಂದು ಹೇಳಿದರು.
ಜಿಲ್ಲೆಯಲ್ಲಿ ನಾಲ್ಕು ತಾಲ್ಲೂಕು ಆಯುರ್ವೇದ ಆಸ್ಪತ್ರೆ ಮತ್ತು 45 ಆಯುರ್ವೇದ ಚಿಕಿತ್ಸಾಲಯಗಳು ಸಕ್ರಿಯವಾಗಿ ಕಾರ್ಯನಿರ್ವಹಿಸುತ್ತಿವೆ. ಸಾರ್ವಜನಿಕರು ಆಯುರ್ವೇದ ಚಿಕಿತ್ಸೆಯ ಸೌಲಭ್ಯವನ್ನು ಪಡೆದುಕೊಳ್ಳಬೇಕು ಎಂದು ತಿಳಿಸಿದರು.
ಇದೇ ವೇಳೆ ಧನ್ವಂತರಿ ಪೂಜೆ ನೆರವೇರಿಸಲಾಯಿತು ಹಾಗೂ ಆಯುರ್ವೇದ ಕ್ಷೇತ್ರದಲ್ಲಿ ಸೇವೆ ಸಲ್ಲಿಸಿದವರನ್ನು ಸನ್ಮಾನಿಸಲಾಯಿತು.
ಈ ಸಂದರ್ಭದಲ್ಲಿ ಜಿಲ್ಲಾ ಆಯುಷ್ ಅಧಿಕಾರಿ ಡಾ.ಜಿ.ಎಸ್.ಸರಳಾದೇವಿ, ಜಿಲ್ಲಾ ಸರ್ಜನ್, ಆಯುಷ್ ವೈದ್ಯಾಧಿಕಾರಿಗಳು, ಸಿಬ್ಬಂದಿಗಳು ಹಾಗೂ ಸಾರ್ವಜನಿಕರು ಉಪಸ್ಥಿತರಿದ್ದರು.
